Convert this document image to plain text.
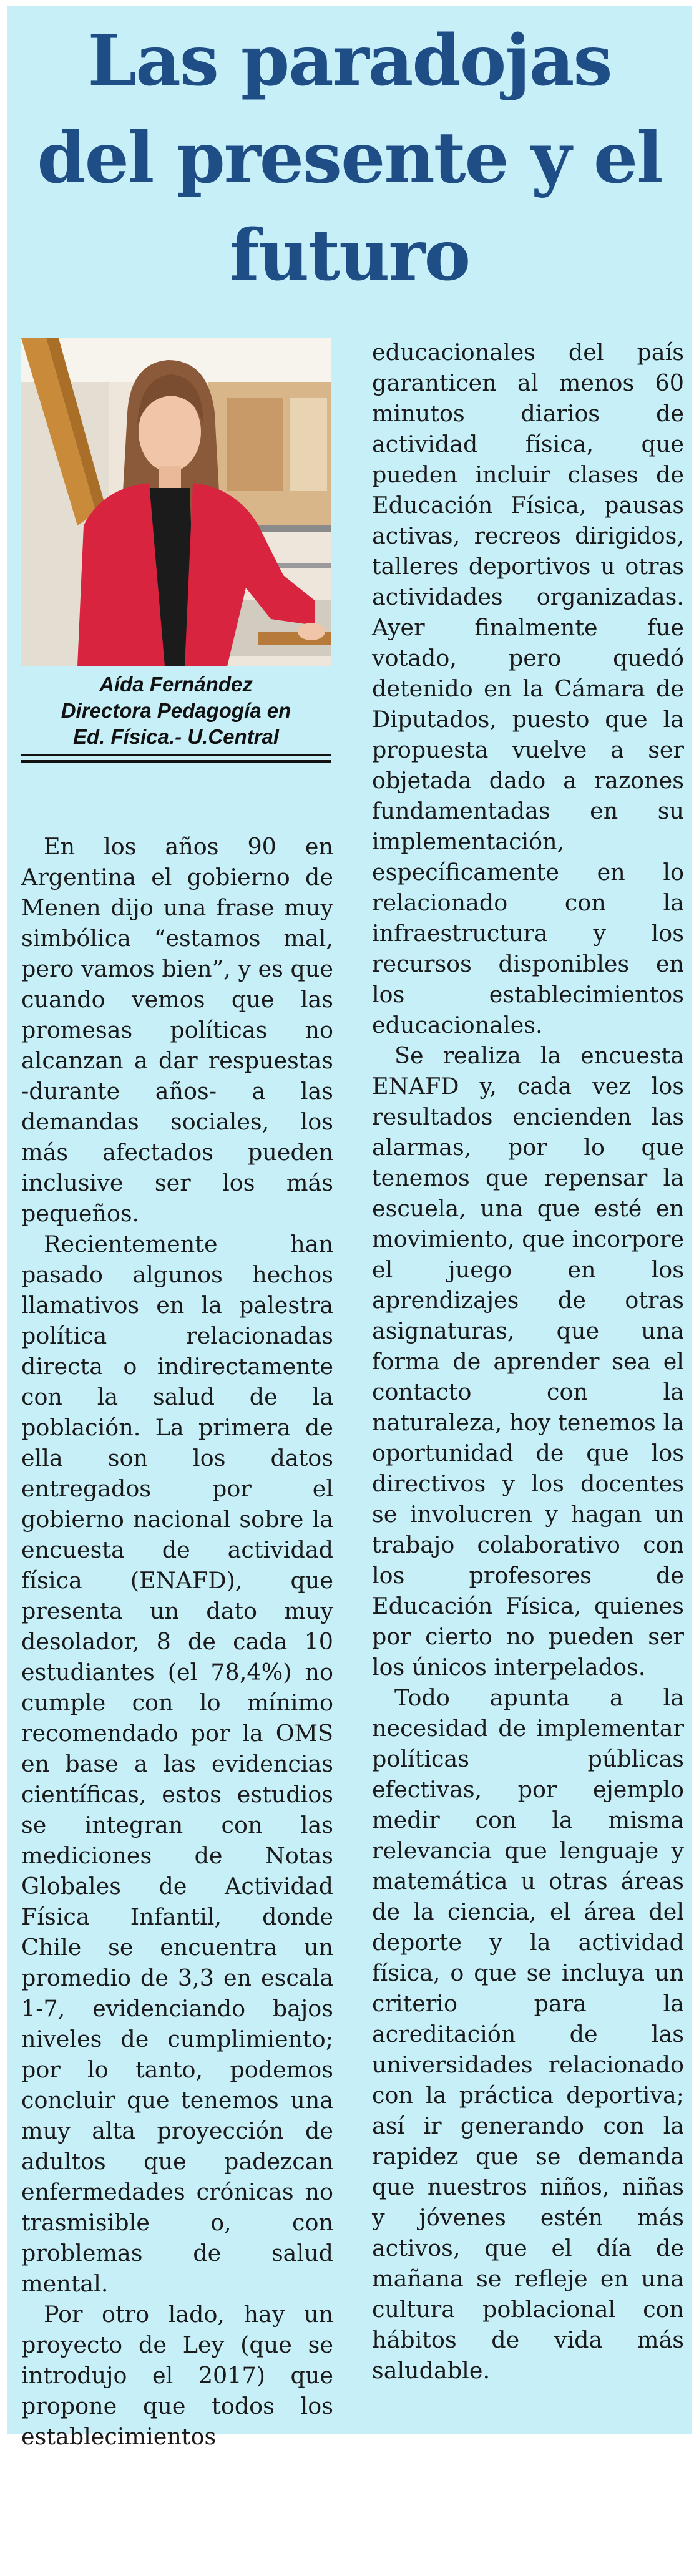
Las paradojas
del presente y el
futuro
Aída Fernández
Directora Pedagogía en
Ed. Física.- U.Central

En los años 90 en Argentina el gobierno de Menen dijo una frase muy simbólica “estamos mal, pero vamos bien”, y es que cuando vemos que las promesas políticas no alcanzan a dar respuestas -durante años- a las demandas sociales, los más afectados pueden inclusive ser los más pequeños.

Recientemente han pasado algunos hechos llamativos en la palestra política relacionadas directa o indirectamente con la salud de la población. La primera de ella son los datos entregados por el gobierno nacional sobre la encuesta de actividad física (ENAFD), que presenta un dato muy desolador, 8 de cada 10 estudiantes (el 78,4%) no cumple con lo mínimo recomendado por la OMS en base a las evidencias científicas, estos estudios se integran con las mediciones de Notas Globales de Actividad Física Infantil, donde Chile se encuentra un promedio de 3,3 en escala 1-7, evidenciando bajos niveles de cumplimiento; por lo tanto, podemos concluir que tenemos una muy alta proyección de adultos que padezcan enfermedades crónicas no trasmisible o, con problemas de salud mental.

Por otro lado, hay un proyecto de Ley (que se introdujo el 2017) que propone que todos los establecimientos

educacionales del país garanticen al menos 60 minutos diarios de actividad física, que pueden incluir clases de Educación Física, pausas activas, recreos dirigidos, talleres deportivos u otras actividades organizadas. Ayer finalmente fue votado, pero quedó detenido en la Cámara de Diputados, puesto que la propuesta vuelve a ser objetada dado a razones fundamentadas en su implementación, específicamente en lo relacionado con la infraestructura y los recursos disponibles en los establecimientos educacionales.

Se realiza la encuesta ENAFD y, cada vez los resultados encienden las alarmas, por lo que tenemos que repensar la escuela, una que esté en movimiento, que incorpore el juego en los aprendizajes de otras asignaturas, que una forma de aprender sea el contacto con la naturaleza, hoy tenemos la oportunidad de que los directivos y los docentes se involucren y hagan un trabajo colaborativo con los profesores de Educación Física, quienes por cierto no pueden ser los únicos interpelados.

Todo apunta a la necesidad de implementar políticas públicas efectivas, por ejemplo medir con la misma relevancia que lenguaje y matemática u otras áreas de la ciencia, el área del deporte y la actividad física, o que se incluya un criterio para la acreditación de las universidades relacionado con la práctica deportiva; así ir generando con la rapidez que se demanda que nuestros niños, niñas y jóvenes estén más activos, que el día de mañana se refleje en una cultura poblacional con hábitos de vida más saludable.
